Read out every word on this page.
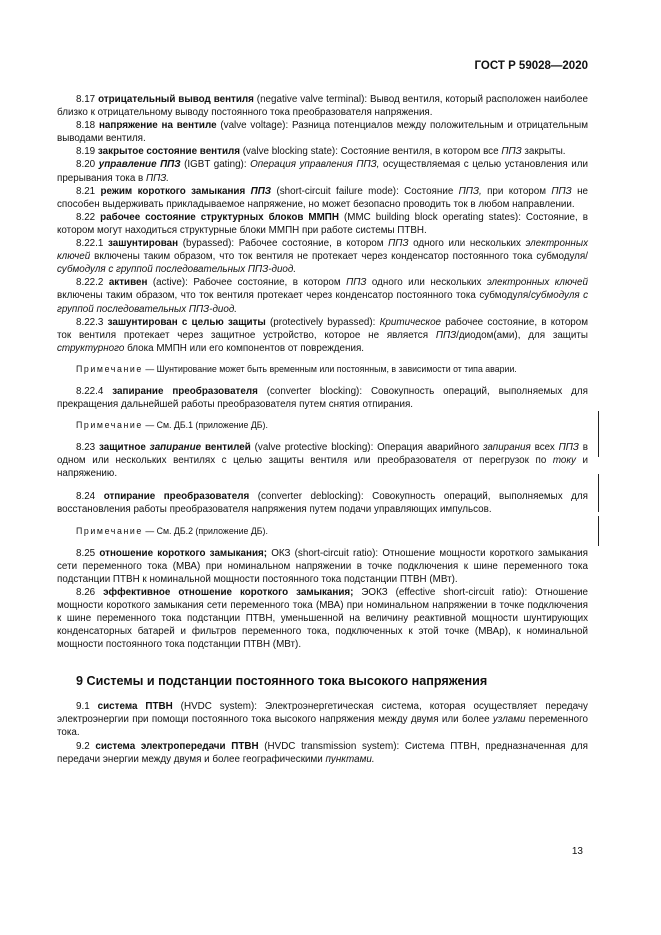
ГОСТ Р 59028—2020

8.17 отрицательный вывод вентиля (negative valve terminal): Вывод вентиля, который расположен наиболее близко к отрицательному выводу постоянного тока преобразователя напряжения.

8.18 напряжение на вентиле (valve voltage): Разница потенциалов между положительным и отрицательным выводами вентиля.

8.19 закрытое состояние вентиля (valve blocking state): Состояние вентиля, в котором все ППЗ закрыты.

8.20 управление ППЗ (IGBT gating): Операция управления ППЗ, осуществляемая с целью установления или прерывания тока в ППЗ.

8.21 режим короткого замыкания ППЗ (short-circuit failure mode): Состояние ППЗ, при котором ППЗ не способен выдерживать прикладываемое напряжение, но может безопасно проводить ток в любом направлении.

8.22 рабочее состояние структурных блоков ММПН (MMC building block operating states): Состояние, в котором могут находиться структурные блоки ММПН при работе системы ПТВН.

8.22.1 зашунтирован (bypassed): Рабочее состояние, в котором ППЗ одного или нескольких электронных ключей включены таким образом, что ток вентиля не протекает через конденсатор постоянного тока субмодуля/субмодуля с группой последовательных ППЗ-диод.

8.22.2 активен (active): Рабочее состояние, в котором ППЗ одного или нескольких электронных ключей включены таким образом, что ток вентиля протекает через конденсатор постоянного тока субмодуля/субмодуля с группой последовательных ППЗ-диод.

8.22.3 зашунтирован с целью защиты (protectively bypassed): Критическое рабочее состояние, в котором ток вентиля протекает через защитное устройство, которое не является ППЗ/диодом(ами), для защиты структурного блока ММПН или его компонентов от повреждения.

Примечание — Шунтирование может быть временным или постоянным, в зависимости от типа аварии.

8.22.4 запирание преобразователя (converter blocking): Совокупность операций, выполняемых для прекращения дальнейшей работы преобразователя путем снятия отпирания.

Примечание — См. ДБ.1 (приложение ДБ).

8.23 защитное запирание вентилей (valve protective blocking): Операция аварийного запирания всех ППЗ в одном или нескольких вентилях с целью защиты вентиля или преобразователя от перегрузок по току и напряжению.

8.24 отпирание преобразователя (converter deblocking): Совокупность операций, выполняемых для восстановления работы преобразователя напряжения путем подачи управляющих импульсов.

Примечание — См. ДБ.2 (приложение ДБ).

8.25 отношение короткого замыкания; ОКЗ (short-circuit ratio): Отношение мощности короткого замыкания сети переменного тока (МВА) при номинальном напряжении в точке подключения к шине переменного тока подстанции ПТВН к номинальной мощности постоянного тока подстанции ПТВН (МВт).

8.26 эффективное отношение короткого замыкания; ЭОКЗ (effective short-circuit ratio): Отношение мощности короткого замыкания сети переменного тока (МВА) при номинальном напряжении в точке подключения к шине переменного тока подстанции ПТВН, уменьшенной на величину реактивной мощности шунтирующих конденсаторных батарей и фильтров переменного тока, подключенных к этой точке (МВАр), к номинальной мощности постоянного тока подстанции ПТВН (МВт).

9 Системы и подстанции постоянного тока высокого напряжения

9.1 система ПТВН (HVDC system): Электроэнергетическая система, которая осуществляет передачу электроэнергии при помощи постоянного тока высокого напряжения между двумя или более узлами переменного тока.

9.2 система электропередачи ПТВН (HVDC transmission system): Система ПТВН, предназначенная для передачи энергии между двумя и более географическими пунктами.

13
